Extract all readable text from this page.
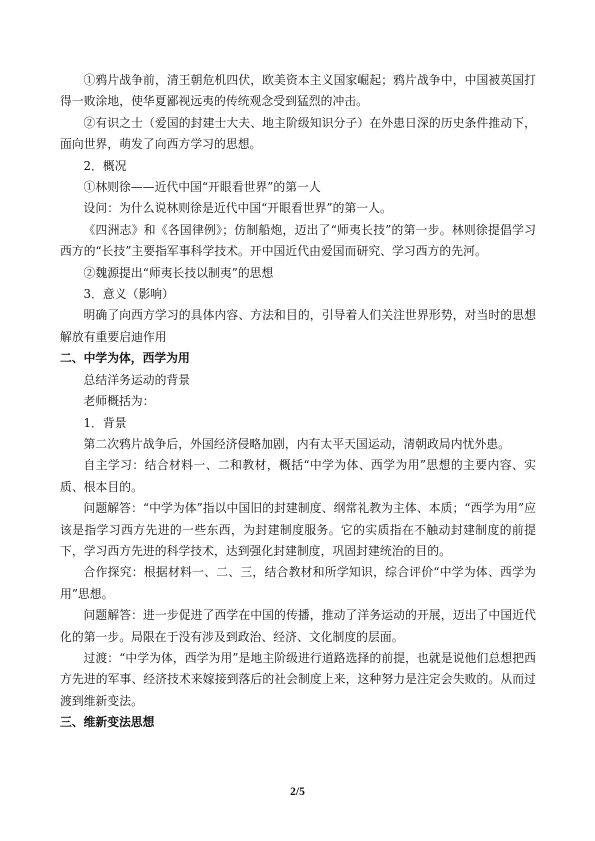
①鸦片战争前，清王朝危机四伏，欧美资本主义国家崛起；鸦片战争中，中国被英国打得一败涂地，使华夏鄙视远夷的传统观念受到猛烈的冲击。

②有识之士（爱国的封建士大夫、地主阶级知识分子）在外患日深的历史条件推动下，面向世界，萌发了向西方学习的思想。

2．概况

①林则徐——近代中国“开眼看世界”的第一人

设问：为什么说林则徐是近代中国“开眼看世界”的第一人。

《四洲志》和《各国律例》；仿制船炮，迈出了“师夷长技”的第一步。林则徐提倡学习西方的“长技”主要指军事科学技术。开中国近代由爱国而研究、学习西方的先河。

②魏源提出“师夷长技以制夷”的思想

3．意义（影响）

明确了向西方学习的具体内容、方法和目的，引导着人们关注世界形势，对当时的思想解放有重要启迪作用

二、中学为体，西学为用

总结洋务运动的背景

老师概括为：

1．背景

第二次鸦片战争后，外国经济侵略加剧，内有太平天国运动，清朝政局内忧外患。

自主学习：结合材料一、二和教材，概括“中学为体、西学为用”思想的主要内容、实质、根本目的。

问题解答：“中学为体”指以中国旧的封建制度、纲常礼教为主体、本质；“西学为用”应该是指学习西方先进的一些东西，为封建制度服务。它的实质指在不触动封建制度的前提下，学习西方先进的科学技术，达到强化封建制度，巩固封建统治的目的。

合作探究：根据材料一、二、三，结合教材和所学知识，综合评价“中学为体、西学为用”思想。

问题解答：进一步促进了西学在中国的传播，推动了洋务运动的开展，迈出了中国近代化的第一步。局限在于没有涉及到政治、经济、文化制度的层面。

过渡：“中学为体，西学为用”是地主阶级进行道路选择的前提，也就是说他们总想把西方先进的军事、经济技术来嫁接到落后的社会制度上来，这种努力是注定会失败的。从而过渡到维新变法。

三、维新变法思想

2/5
